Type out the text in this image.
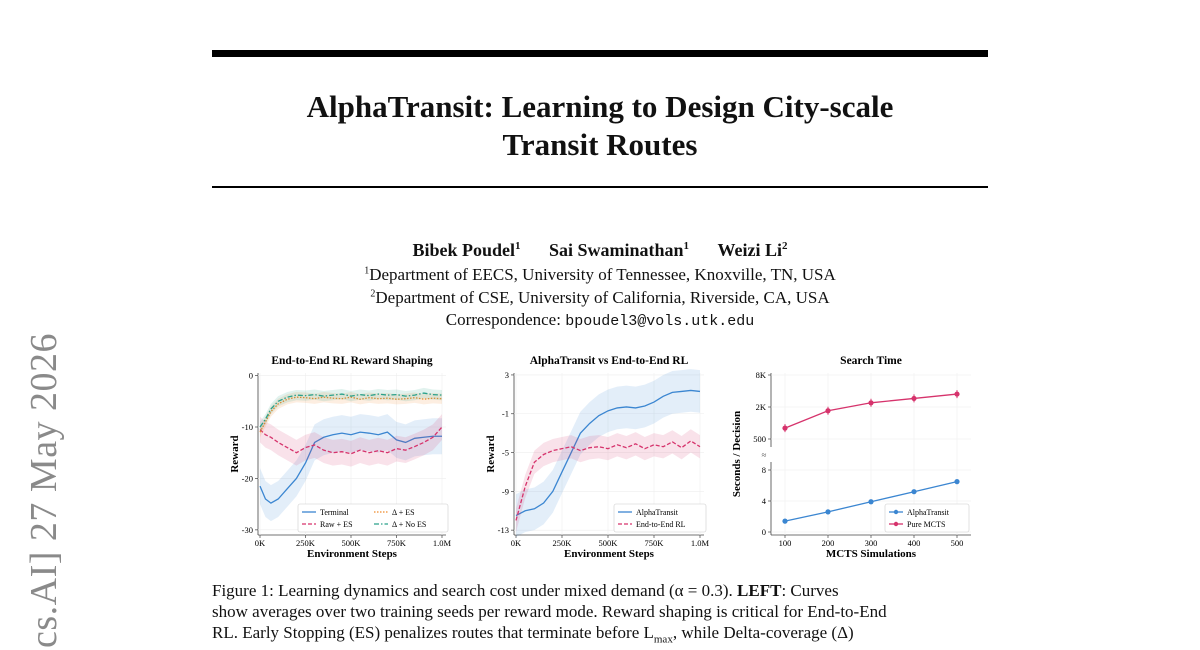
cs.AI] 27 May 2026
AlphaTransit: Learning to Design City-scale
Transit Routes
Bibek Poudel$^1$ Sai Swaminathan$^1$ Weizi Li$^2$
$^1$Department of EECS, University of Tennessee, Knoxville, TN, USA
$^2$Department of CSE, University of California, Riverside, CA, USA
Correspondence: bpoudel3@vols.utk.edu
End-to-End RL Reward Shaping
0K	250K	500K	750K	1.0M
0
-10
-20
-30
Environment Steps
Reward
Terminal
Raw + ES
Δ + ES
Δ + No ES
AlphaTransit vs End-to-End RL
0K	250K	500K	750K	1.0M
3
-1
-5
-9
-13
Environment Steps
Reward
AlphaTransit
End-to-End RL
Search Time
≈
8K
2K
500
8
4
0
100	200	300	400	500
MCTS Simulations
Seconds / Decision
AlphaTransit
Pure MCTS
Figure 1: Learning dynamics and search cost under mixed demand (α = 0.3). LEFT: Curves
show averages over two training seeds per reward mode. Reward shaping is critical for End-to-End
RL. Early Stopping (ES) penalizes routes that terminate before $L_{max}$, while Delta-coverage (Δ)
